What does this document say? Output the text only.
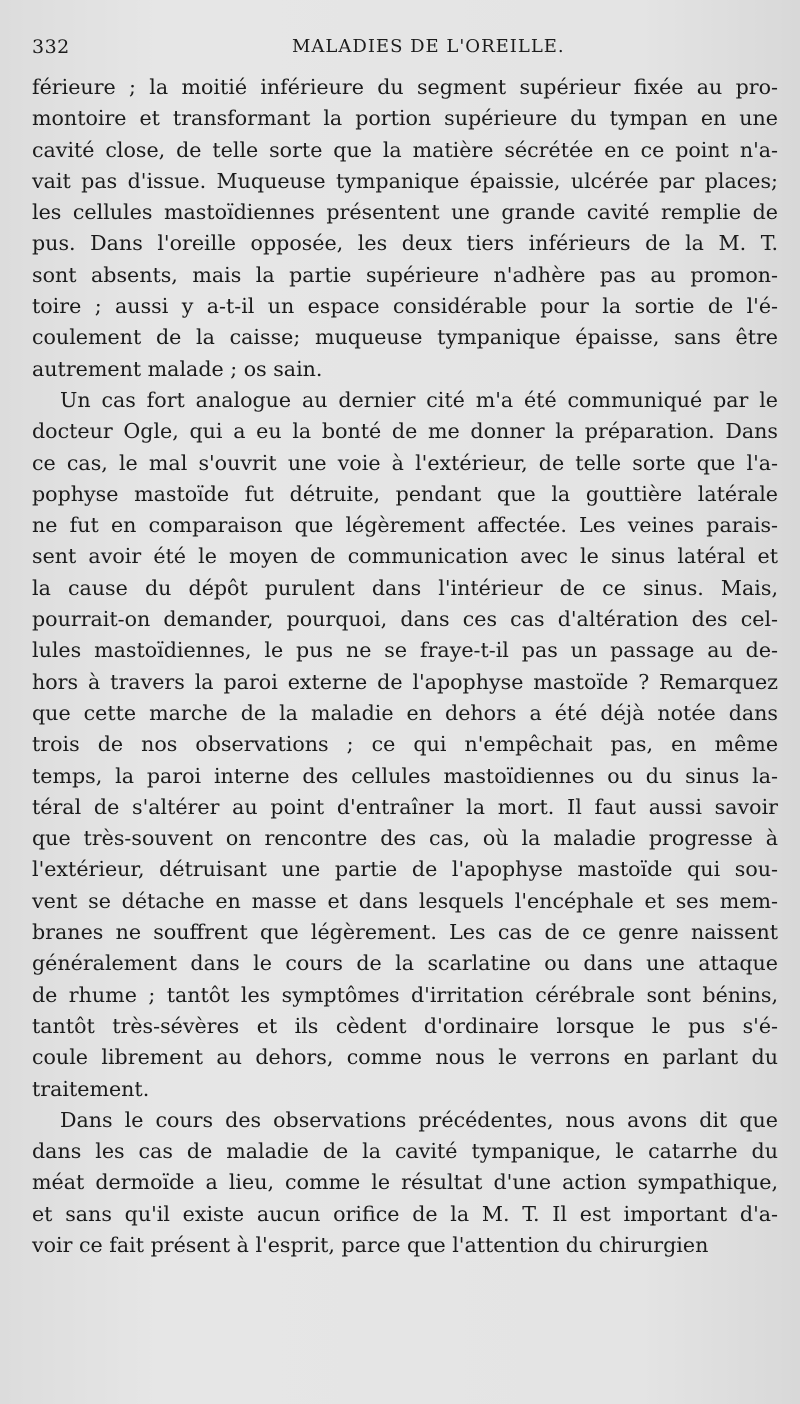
332	MALADIES DE L'OREILLE.
férieure ; la moitié inférieure du segment supérieur fixée au pro-
montoire et transformant la portion supérieure du tympan en une
cavité close, de telle sorte que la matière sécrétée en ce point n'a-
vait pas d'issue. Muqueuse tympanique épaissie, ulcérée par places;
les cellules mastoïdiennes présentent une grande cavité remplie de
pus. Dans l'oreille opposée, les deux tiers inférieurs de la M. T.
sont absents, mais la partie supérieure n'adhère pas au promon-
toire ; aussi y a-t-il un espace considérable pour la sortie de l'é-
coulement de la caisse; muqueuse tympanique épaisse, sans être
autrement malade ; os sain.
Un cas fort analogue au dernier cité m'a été communiqué par le
docteur Ogle, qui a eu la bonté de me donner la préparation. Dans
ce cas, le mal s'ouvrit une voie à l'extérieur, de telle sorte que l'a-
pophyse mastoïde fut détruite, pendant que la gouttière latérale
ne fut en comparaison que légèrement affectée. Les veines parais-
sent avoir été le moyen de communication avec le sinus latéral et
la cause du dépôt purulent dans l'intérieur de ce sinus. Mais,
pourrait-on demander, pourquoi, dans ces cas d'altération des cel-
lules mastoïdiennes, le pus ne se fraye-t-il pas un passage au de-
hors à travers la paroi externe de l'apophyse mastoïde ? Remarquez
que cette marche de la maladie en dehors a été déjà notée dans
trois de nos observations ; ce qui n'empêchait pas, en même
temps, la paroi interne des cellules mastoïdiennes ou du sinus la-
téral de s'altérer au point d'entraîner la mort. Il faut aussi savoir
que très-souvent on rencontre des cas, où la maladie progresse à
l'extérieur, détruisant une partie de l'apophyse mastoïde qui sou-
vent se détache en masse et dans lesquels l'encéphale et ses mem-
branes ne souffrent que légèrement. Les cas de ce genre naissent
généralement dans le cours de la scarlatine ou dans une attaque
de rhume ; tantôt les symptômes d'irritation cérébrale sont bénins,
tantôt très-sévères et ils cèdent d'ordinaire lorsque le pus s'é-
coule librement au dehors, comme nous le verrons en parlant du
traitement.
Dans le cours des observations précédentes, nous avons dit que
dans les cas de maladie de la cavité tympanique, le catarrhe du
méat dermoïde a lieu, comme le résultat d'une action sympathique,
et sans qu'il existe aucun orifice de la M. T. Il est important d'a-
voir ce fait présent à l'esprit, parce que l'attention du chirurgien
